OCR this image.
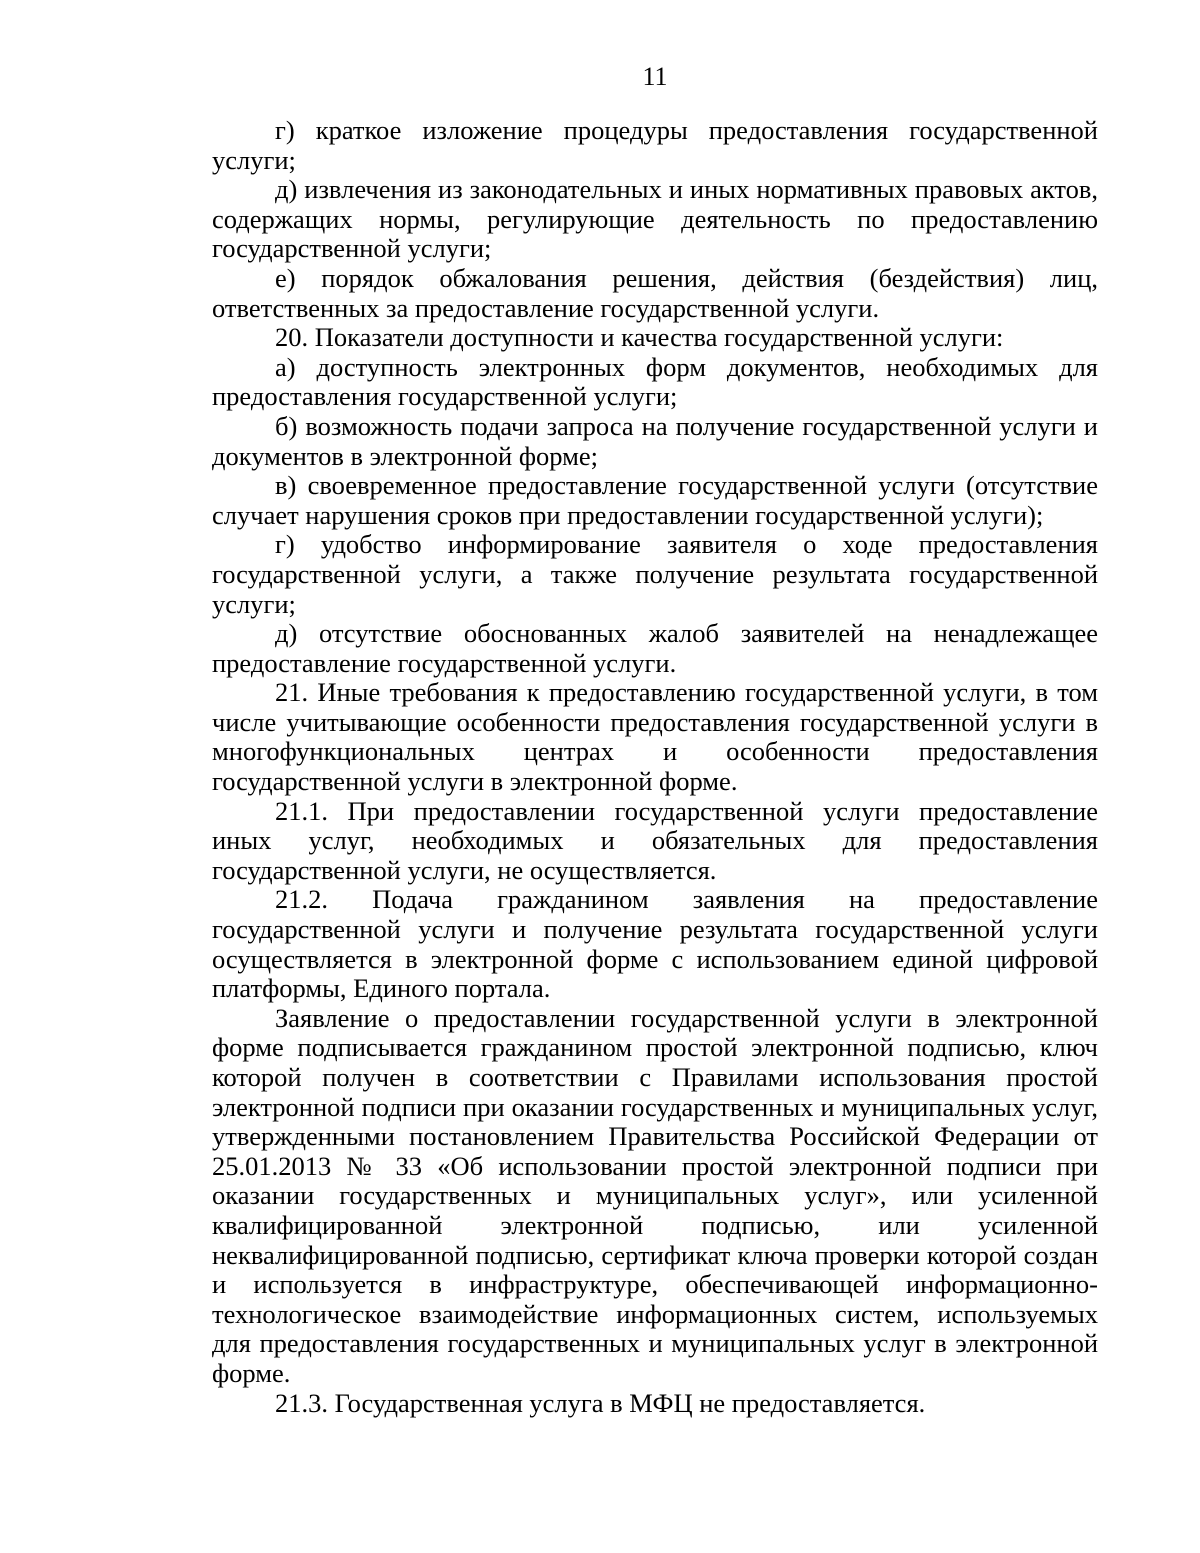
11

г) краткое изложение процедуры предоставления государственной услуги;

д) извлечения из законодательных и иных нормативных правовых актов, содержащих нормы, регулирующие деятельность по предоставлению государственной услуги;

е) порядок обжалования решения, действия (бездействия) лиц, ответственных за предоставление государственной услуги.

20. Показатели доступности и качества государственной услуги:

а) доступность электронных форм документов, необходимых для предоставления государственной услуги;

б) возможность подачи запроса на получение государственной услуги и документов в электронной форме;

в) своевременное предоставление государственной услуги (отсутствие случает нарушения сроков при предоставлении государственной услуги);

г) удобство информирование заявителя о ходе предоставления государственной услуги, а также получение результата государственной услуги;

д) отсутствие обоснованных жалоб заявителей на ненадлежащее предоставление государственной услуги.

21. Иные требования к предоставлению государственной услуги, в том числе учитывающие особенности предоставления государственной услуги в многофункциональных центрах и особенности предоставления государственной услуги в электронной форме.

21.1. При предоставлении государственной услуги предоставление иных услуг, необходимых и обязательных для предоставления государственной услуги, не осуществляется.

21.2. Подача гражданином заявления на предоставление государственной услуги и получение результата государственной услуги осуществляется в электронной форме с использованием единой цифровой платформы, Единого портала.

Заявление о предоставлении государственной услуги в электронной форме подписывается гражданином простой электронной подписью, ключ которой получен в соответствии с Правилами использования простой электронной подписи при оказании государственных и муниципальных услуг, утвержденными постановлением Правительства Российской Федерации от 25.01.2013 № 33 «Об использовании простой электронной подписи при оказании государственных и муниципальных услуг», или усиленной квалифицированной электронной подписью, или усиленной неквалифицированной подписью, сертификат ключа проверки которой создан и используется в инфраструктуре, обеспечивающей информационно-технологическое взаимодействие информационных систем, используемых для предоставления государственных и муниципальных услуг в электронной форме.

21.3. Государственная услуга в МФЦ не предоставляется.
